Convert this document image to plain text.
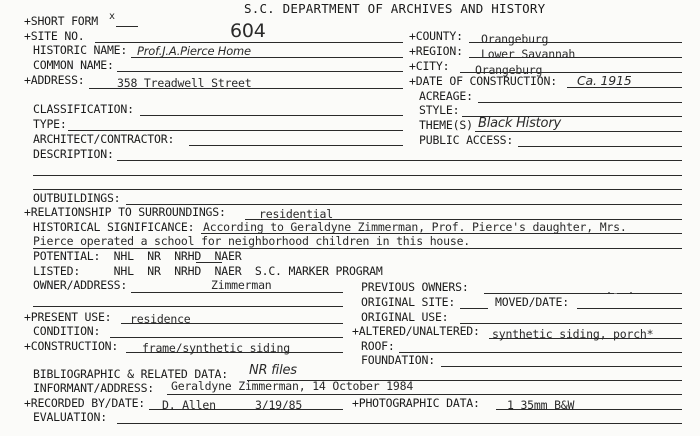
S.C. DEPARTMENT OF ARCHIVES AND HISTORY
+SHORT FORM x
+SITE NO.	604	+COUNTY: Orangeburg
HISTORIC NAME: Prof.J.A.Pierce Home	+REGION: Lower Savannah
COMMON NAME:	+CITY: Orangeburg
+ADDRESS:	358 Treadwell Street	+DATE OF CONSTRUCTION: Ca. 1915
ACREAGE:
CLASSIFICATION:	STYLE:
TYPE:	THEME(S) Black History
ARCHITECT/CONTRACTOR:	PUBLIC ACCESS:
DESCRIPTION:
OUTBUILDINGS:
+RELATIONSHIP TO SURROUNDINGS:	residential
HISTORICAL SIGNIFICANCE: According to Geraldyne Zimmerman, Prof. Pierce's daughter, Mrs.
Pierce operated a school for neighborhood children in this house.
POTENTIAL:  NHL  NR  NRHD  NAER
LISTED:     NHL  NR  NRHD  NAER  S.C. MARKER PROGRAM
OWNER/ADDRESS:	Zimmerman	PREVIOUS OWNERS:
ORIGINAL SITE:	MOVED/DATE:
+PRESENT USE: residence	ORIGINAL USE:
CONDITION:	+ALTERED/UNALTERED: synthetic siding, porch*
+CONSTRUCTION: frame/synthetic siding	ROOF:
FOUNDATION:
BIBLIOGRAPHIC & RELATED DATA: NR files
INFORMANT/ADDRESS: Geraldyne Zimmerman, 14 October 1984
+RECORDED BY/DATE: D. Allen	3/19/85	+PHOTOGRAPHIC DATA: 1 35mm B&W
EVALUATION:
